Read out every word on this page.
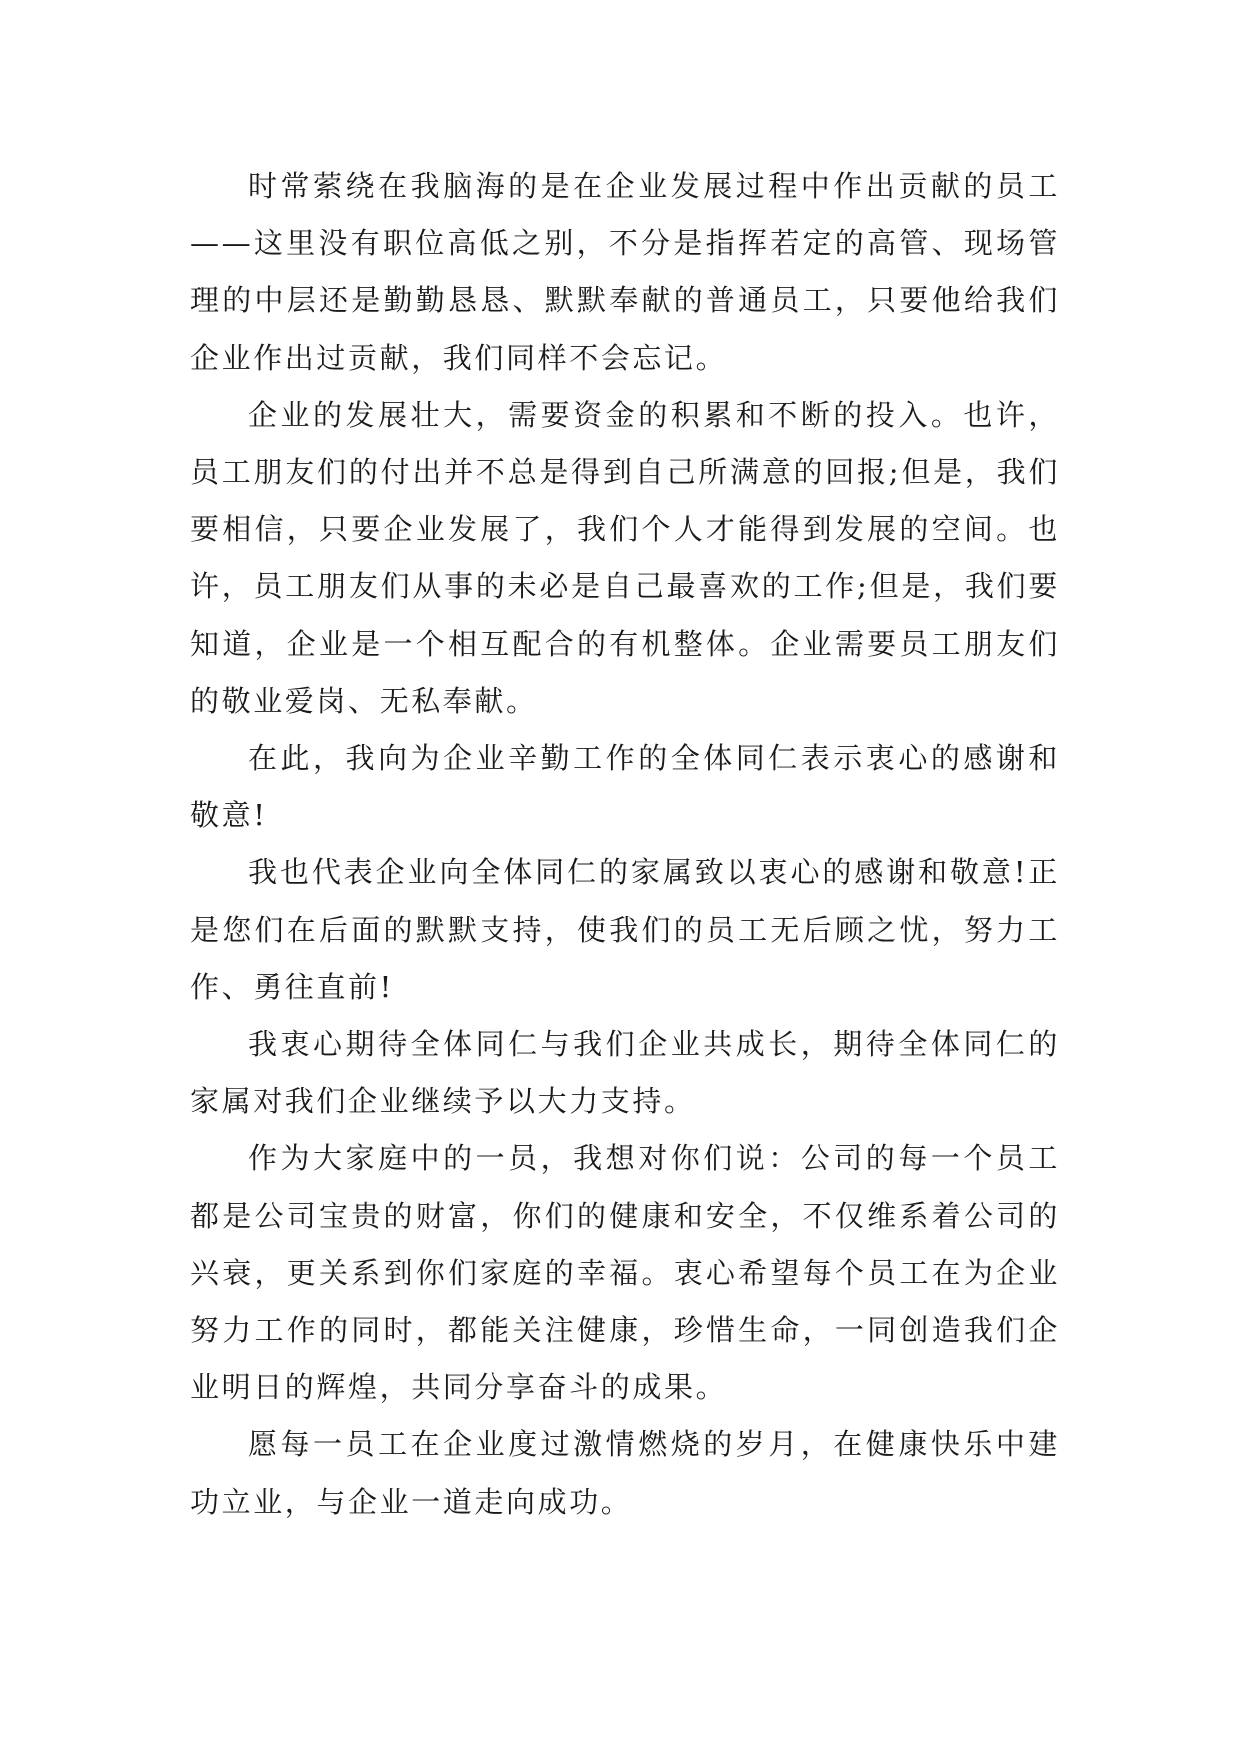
时常萦绕在我脑海的是在企业发展过程中作出贡献的员工——这里没有职位高低之别，不分是指挥若定的高管、现场管理的中层还是勤勤恳恳、默默奉献的普通员工，只要他给我们企业作出过贡献，我们同样不会忘记。

企业的发展壮大，需要资金的积累和不断的投入。也许，员工朋友们的付出并不总是得到自己所满意的回报;但是，我们要相信，只要企业发展了，我们个人才能得到发展的空间。也许，员工朋友们从事的未必是自己最喜欢的工作;但是，我们要知道，企业是一个相互配合的有机整体。企业需要员工朋友们的敬业爱岗、无私奉献。

在此，我向为企业辛勤工作的全体同仁表示衷心的感谢和敬意!

我也代表企业向全体同仁的家属致以衷心的感谢和敬意!正是您们在后面的默默支持，使我们的员工无后顾之忧，努力工作、勇往直前!

我衷心期待全体同仁与我们企业共成长，期待全体同仁的家属对我们企业继续予以大力支持。

作为大家庭中的一员，我想对你们说：公司的每一个员工都是公司宝贵的财富，你们的健康和安全，不仅维系着公司的兴衰，更关系到你们家庭的幸福。衷心希望每个员工在为企业努力工作的同时，都能关注健康，珍惜生命，一同创造我们企业明日的辉煌，共同分享奋斗的成果。

愿每一员工在企业度过激情燃烧的岁月，在健康快乐中建功立业，与企业一道走向成功。
